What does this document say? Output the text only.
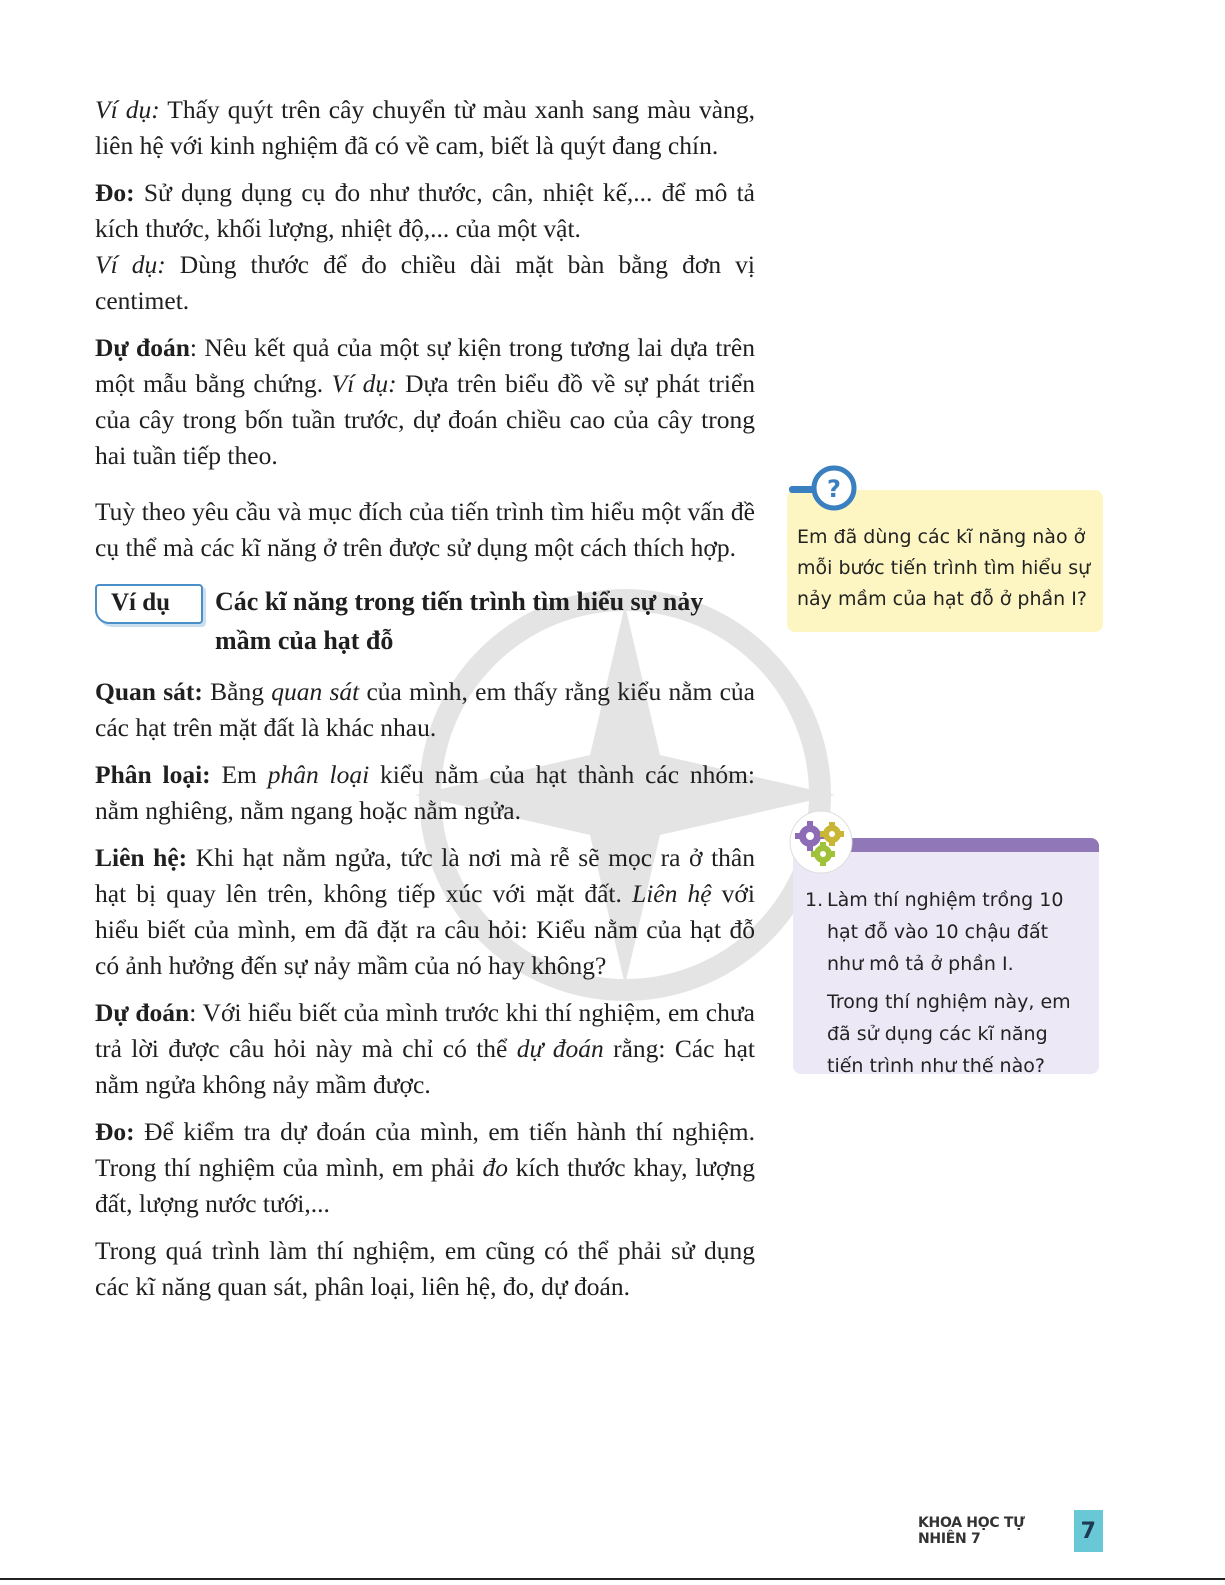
Ví dụ: Thấy quýt trên cây chuyển từ màu xanh sang màu vàng, liên hệ với kinh nghiệm đã có về cam, biết là quýt đang chín.

Đo: Sử dụng dụng cụ đo như thước, cân, nhiệt kế,... để mô tả kích thước, khối lượng, nhiệt độ,... của một vật.
Ví dụ: Dùng thước để đo chiều dài mặt bàn bằng đơn vị centimet.

Dự đoán: Nêu kết quả của một sự kiện trong tương lai dựa trên một mẫu bằng chứng. Ví dụ: Dựa trên biểu đồ về sự phát triển của cây trong bốn tuần trước, dự đoán chiều cao của cây trong hai tuần tiếp theo.

Tuỳ theo yêu cầu và mục đích của tiến trình tìm hiểu một vấn đề cụ thể mà các kĩ năng ở trên được sử dụng một cách thích hợp.

Ví dụ	Các kĩ năng trong tiến trình tìm hiểu sự nảy mầm của hạt đỗ

Quan sát: Bằng quan sát của mình, em thấy rằng kiểu nằm của các hạt trên mặt đất là khác nhau.

Phân loại: Em phân loại kiểu nằm của hạt thành các nhóm: nằm nghiêng, nằm ngang hoặc nằm ngửa.

Liên hệ: Khi hạt nằm ngửa, tức là nơi mà rễ sẽ mọc ra ở thân hạt bị quay lên trên, không tiếp xúc với mặt đất. Liên hệ với hiểu biết của mình, em đã đặt ra câu hỏi: Kiểu nằm của hạt đỗ có ảnh hưởng đến sự nảy mầm của nó hay không?

Dự đoán: Với hiểu biết của mình trước khi thí nghiệm, em chưa trả lời được câu hỏi này mà chỉ có thể dự đoán rằng: Các hạt nằm ngửa không nảy mầm được.

Đo: Để kiểm tra dự đoán của mình, em tiến hành thí nghiệm. Trong thí nghiệm của mình, em phải đo kích thước khay, lượng đất, lượng nước tưới,...

Trong quá trình làm thí nghiệm, em cũng có thể phải sử dụng các kĩ năng quan sát, phân loại, liên hệ, đo, dự đoán.

Em đã dùng các kĩ năng nào ở mỗi bước tiến trình tìm hiểu sự nảy mầm của hạt đỗ ở phần I?
?
1. Làm thí nghiệm trồng 10 hạt đỗ vào 10 chậu đất như mô tả ở phần I.

Trong thí nghiệm này, em đã sử dụng các kĩ năng tiến trình như thế nào?

KHOA HỌC TỰ NHIÊN 7	7
